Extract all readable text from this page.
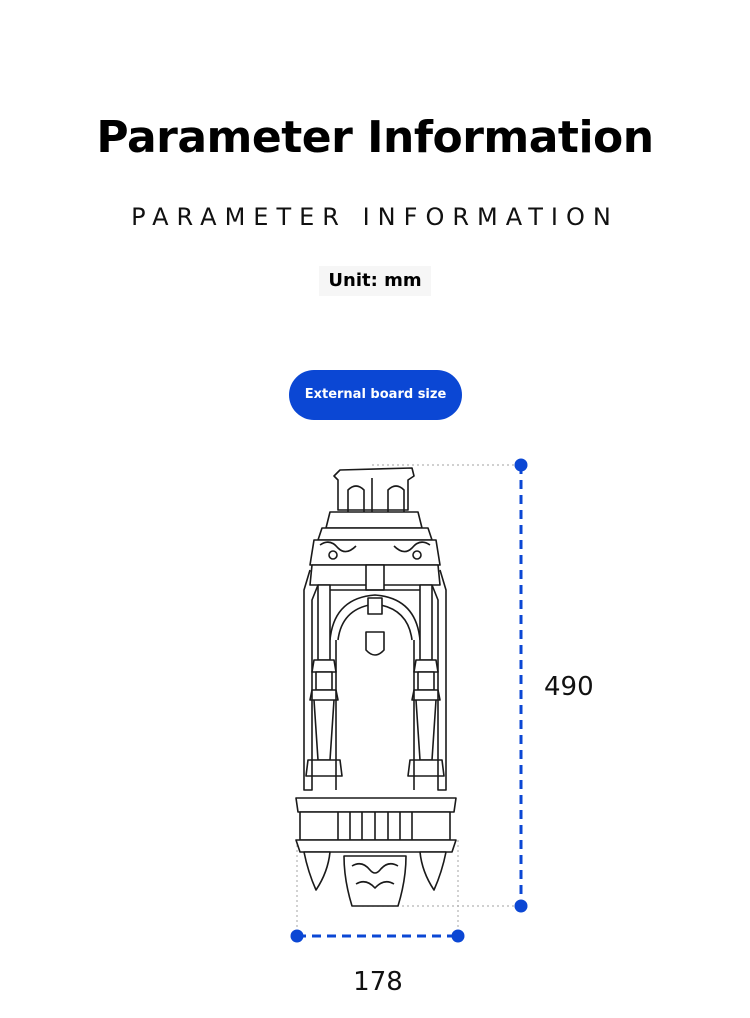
Parameter Information
PARAMETER INFORMATION
Unit: mm
External board size
490
178
